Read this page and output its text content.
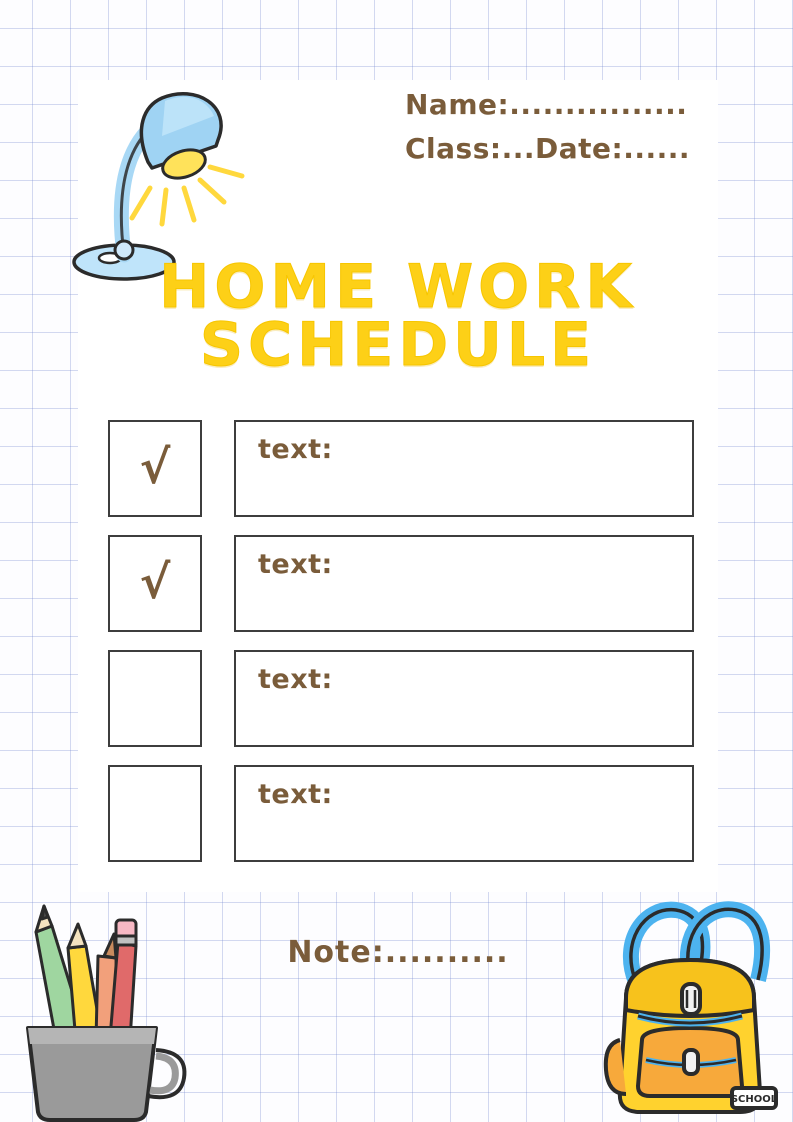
Name:................
Class:...Date:......
HOME WORK
SCHEDULE
√	text:
√	text:
text:
text:
Note:..........
SCHOOL
